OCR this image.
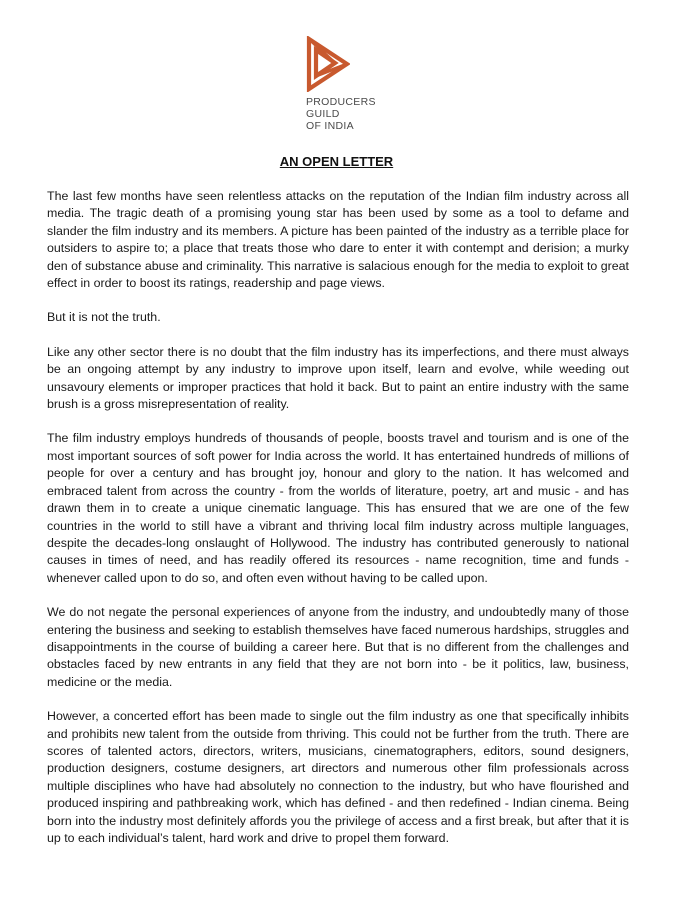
PRODUCERS
GUILD
OF INDIA
AN OPEN LETTER

The last few months have seen relentless attacks on the reputation of the Indian film industry across all media. The tragic death of a promising young star has been used by some as a tool to defame and slander the film industry and its members. A picture has been painted of the industry as a terrible place for outsiders to aspire to; a place that treats those who dare to enter it with contempt and derision; a murky den of substance abuse and criminality. This narrative is salacious enough for the media to exploit to great effect in order to boost its ratings, readership and page views.

But it is not the truth.

Like any other sector there is no doubt that the film industry has its imperfections, and there must always be an ongoing attempt by any industry to improve upon itself, learn and evolve, while weeding out unsavoury elements or improper practices that hold it back. But to paint an entire industry with the same brush is a gross misrepresentation of reality.

The film industry employs hundreds of thousands of people, boosts travel and tourism and is one of the most important sources of soft power for India across the world. It has entertained hundreds of millions of people for over a century and has brought joy, honour and glory to the nation. It has welcomed and embraced talent from across the country - from the worlds of literature, poetry, art and music - and has drawn them in to create a unique cinematic language. This has ensured that we are one of the few countries in the world to still have a vibrant and thriving local film industry across multiple languages, despite the decades-long onslaught of Hollywood. The industry has contributed generously to national causes in times of need, and has readily offered its resources - name recognition, time and funds - whenever called upon to do so, and often even without having to be called upon.

We do not negate the personal experiences of anyone from the industry, and undoubtedly many of those entering the business and seeking to establish themselves have faced numerous hardships, struggles and disappointments in the course of building a career here. But that is no different from the challenges and obstacles faced by new entrants in any field that they are not born into - be it politics, law, business, medicine or the media.

However, a concerted effort has been made to single out the film industry as one that specifically inhibits and prohibits new talent from the outside from thriving. This could not be further from the truth. There are scores of talented actors, directors, writers, musicians, cinematographers, editors, sound designers, production designers, costume designers, art directors and numerous other film professionals across multiple disciplines who have had absolutely no connection to the industry, but who have flourished and produced inspiring and pathbreaking work, which has defined - and then redefined - Indian cinema. Being born into the industry most definitely affords you the privilege of access and a first break, but after that it is up to each individual’s talent, hard work and drive to propel them forward.
